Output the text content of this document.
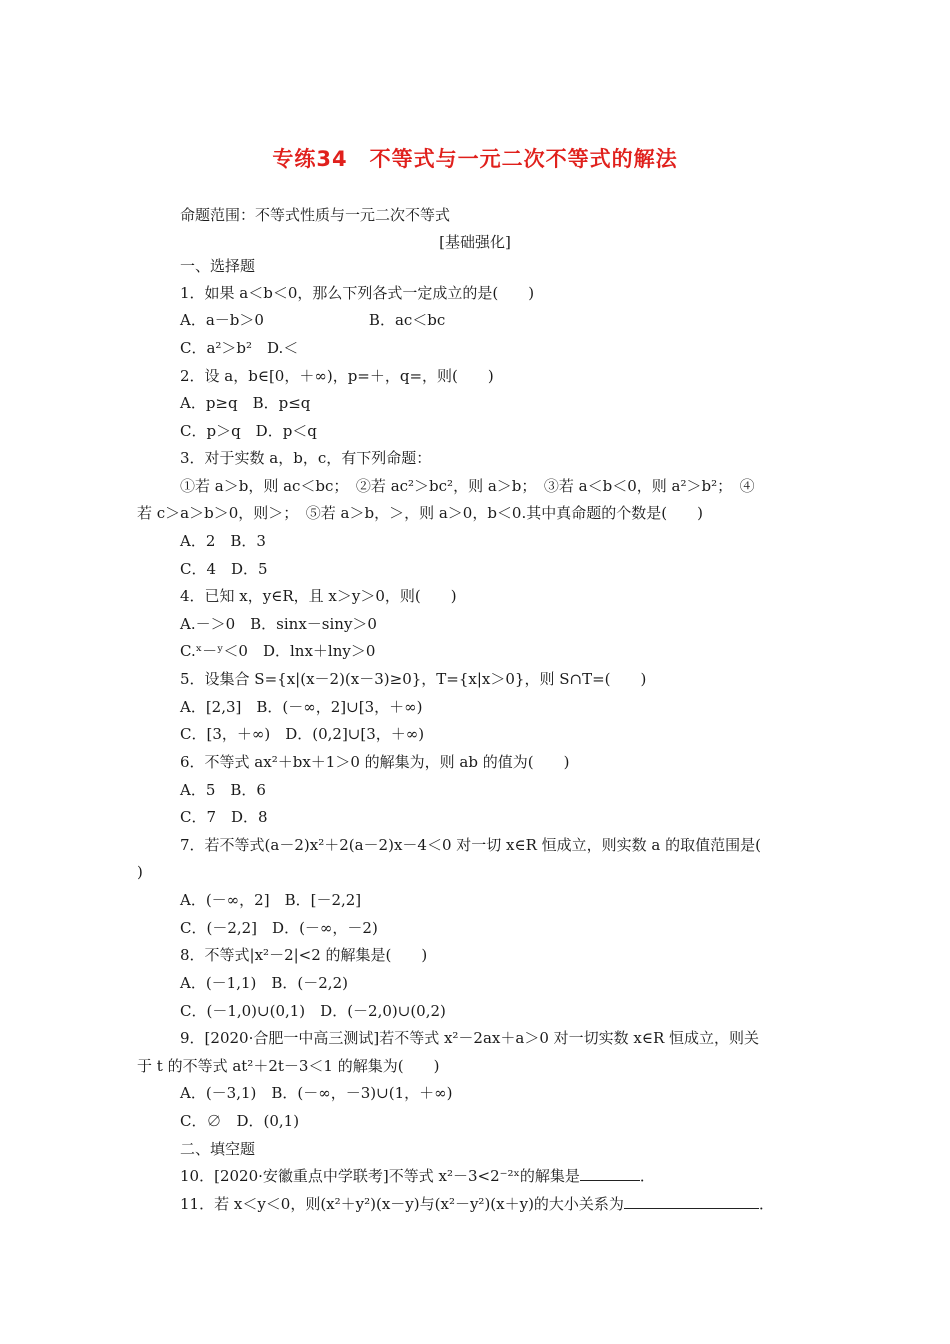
专练34　不等式与一元二次不等式的解法
命题范围：不等式性质与一元二次不等式
[基础强化]
一、选择题
1．如果 a＜b＜0，那么下列各式一定成立的是(　　)
A．a－b＞0　　　　　　　B．ac＜bc
C．a²＞b²　D.＜
2．设 a，b∈[0，＋∞)，p=＋，q=，则(　　)
A．p≥q　B．p≤q
C．p＞q　D．p＜q
3．对于实数 a，b，c，有下列命题：
①若 a＞b，则 ac＜bc；　②若 ac²＞bc²，则 a＞b；　③若 a＜b＜0，则 a²＞b²；　④
若 c＞a＞b＞0，则＞；　⑤若 a＞b，＞，则 a＞0，b＜0.其中真命题的个数是(　　)
A．2　B．3
C．4　D．5
4．已知 x，y∈R，且 x＞y＞0，则(　　)
A.－＞0　B．sinx－siny＞0
C.ˣ－ʸ＜0　D．lnx＋lny＞0
5．设集合 S={x|(x－2)(x－3)≥0}，T={x|x＞0}，则 S∩T=(　　)
A．[2,3]　B．(－∞，2]∪[3，＋∞)
C．[3，＋∞)　D．(0,2]∪[3，＋∞)
6．不等式 ax²＋bx＋1＞0 的解集为，则 ab 的值为(　　)
A．5　B．6
C．7　D．8
7．若不等式(a－2)x²＋2(a－2)x－4＜0 对一切 x∈R 恒成立，则实数 a 的取值范围是(
)
A．(－∞，2]　B．[－2,2]
C．(－2,2]　D．(－∞，－2)
8．不等式|x²－2|<2 的解集是(　　)
A．(－1,1)　B．(－2,2)
C．(－1,0)∪(0,1)　D．(－2,0)∪(0,2)
9．[2020·合肥一中高三测试]若不等式 x²－2ax＋a＞0 对一切实数 x∈R 恒成立，则关
于 t 的不等式 at²＋2t－3＜1 的解集为(　　)
A．(－3,1)　B．(－∞，－3)∪(1，＋∞)
C．∅　D．(0,1)
二、填空题
10．[2020·安徽重点中学联考]不等式 x²－3<2⁻²ˣ的解集是	．
11．若 x＜y＜0，则(x²＋y²)(x－y)与(x²－y²)(x＋y)的大小关系为	．
